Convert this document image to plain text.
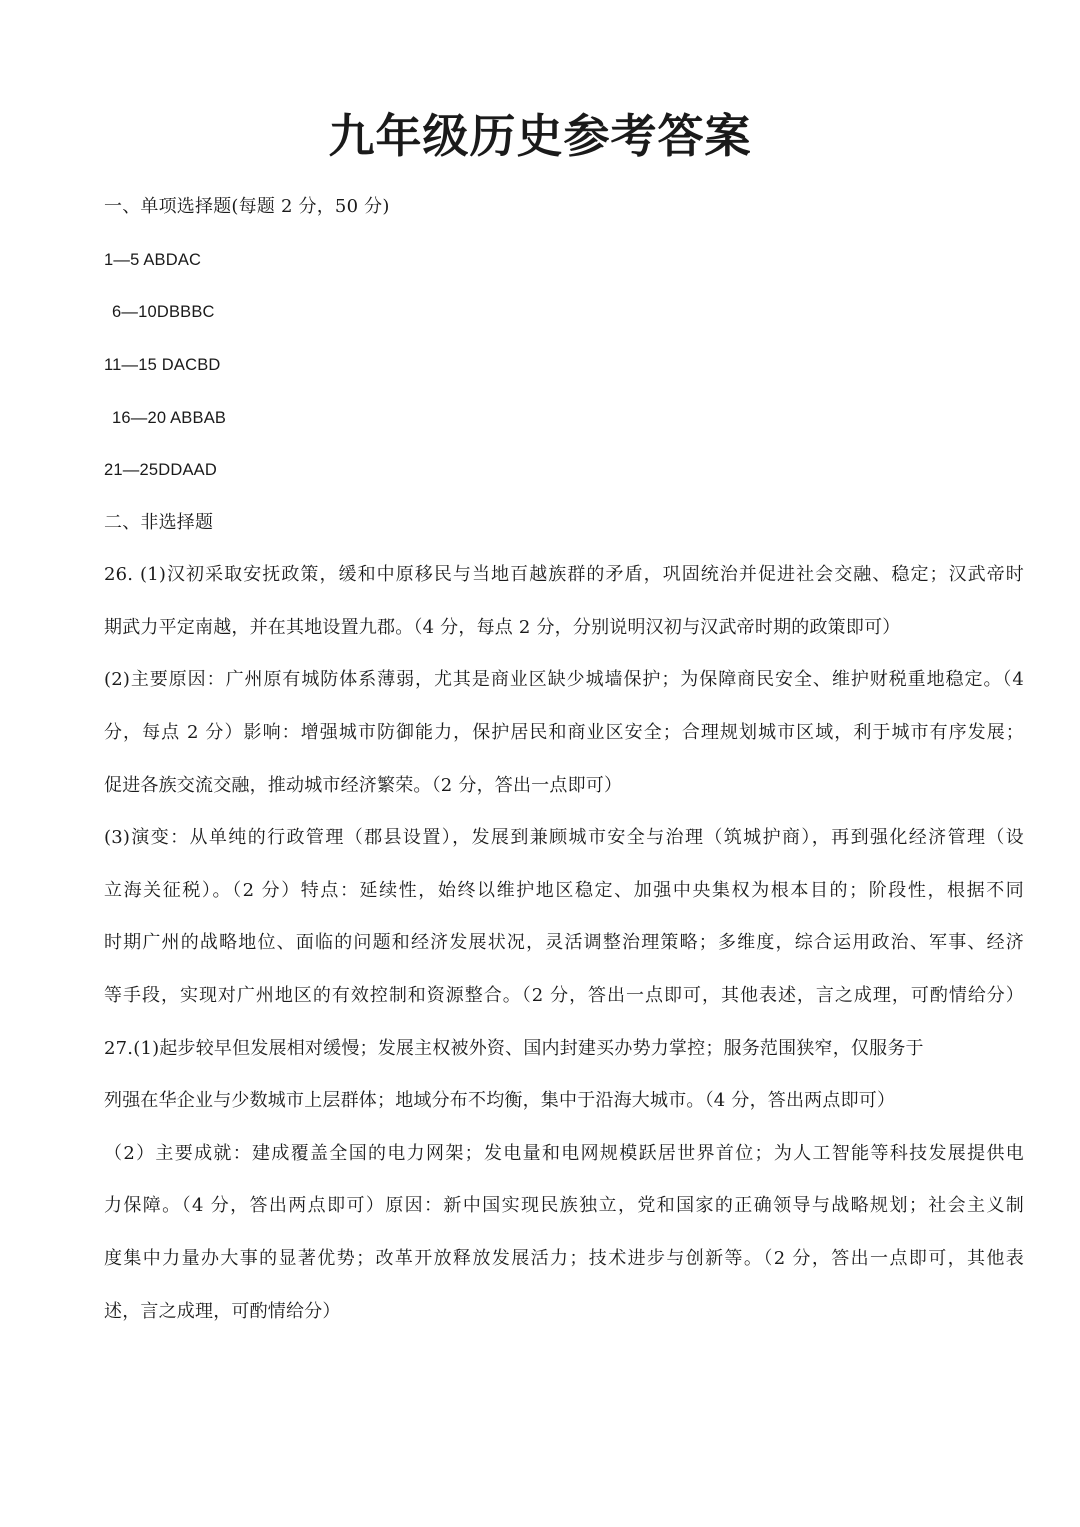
九年级历史参考答案

一、单项选择题(每题 2 分，50 分)

1—5 ABDAC

6—10DBBBC

11—15 DACBD

16—20 ABBAB

21—25DDAAD

二、非选择题

26. (1)汉初采取安抚政策，缓和中原移民与当地百越族群的矛盾，巩固统治并促进社会交融、稳定；汉武帝时

期武力平定南越，并在其地设置九郡。（4 分，每点 2 分，分别说明汉初与汉武帝时期的政策即可）

(2)主要原因：广州原有城防体系薄弱，尤其是商业区缺少城墙保护；为保障商民安全、维护财税重地稳定。（4

分，每点 2 分）影响：增强城市防御能力，保护居民和商业区安全；合理规划城市区域，利于城市有序发展；

促进各族交流交融，推动城市经济繁荣。（2 分，答出一点即可）

(3)演变：从单纯的行政管理（郡县设置），发展到兼顾城市安全与治理（筑城护商），再到强化经济管理（设

立海关征税）。（2 分）特点：延续性，始终以维护地区稳定、加强中央集权为根本目的；阶段性，根据不同

时期广州的战略地位、面临的问题和经济发展状况，灵活调整治理策略；多维度，综合运用政治、军事、经济

等手段，实现对广州地区的有效控制和资源整合。（2 分，答出一点即可，其他表述，言之成理，可酌情给分）

27.(1)起步较早但发展相对缓慢；发展主权被外资、国内封建买办势力掌控；服务范围狭窄，仅服务于

列强在华企业与少数城市上层群体；地域分布不均衡，集中于沿海大城市。（4 分，答出两点即可）

（2）主要成就：建成覆盖全国的电力网架；发电量和电网规模跃居世界首位；为人工智能等科技发展提供电

力保障。（4 分，答出两点即可）原因：新中国实现民族独立，党和国家的正确领导与战略规划；社会主义制

度集中力量办大事的显著优势；改革开放释放发展活力；技术进步与创新等。（2 分，答出一点即可，其他表

述，言之成理，可酌情给分）
